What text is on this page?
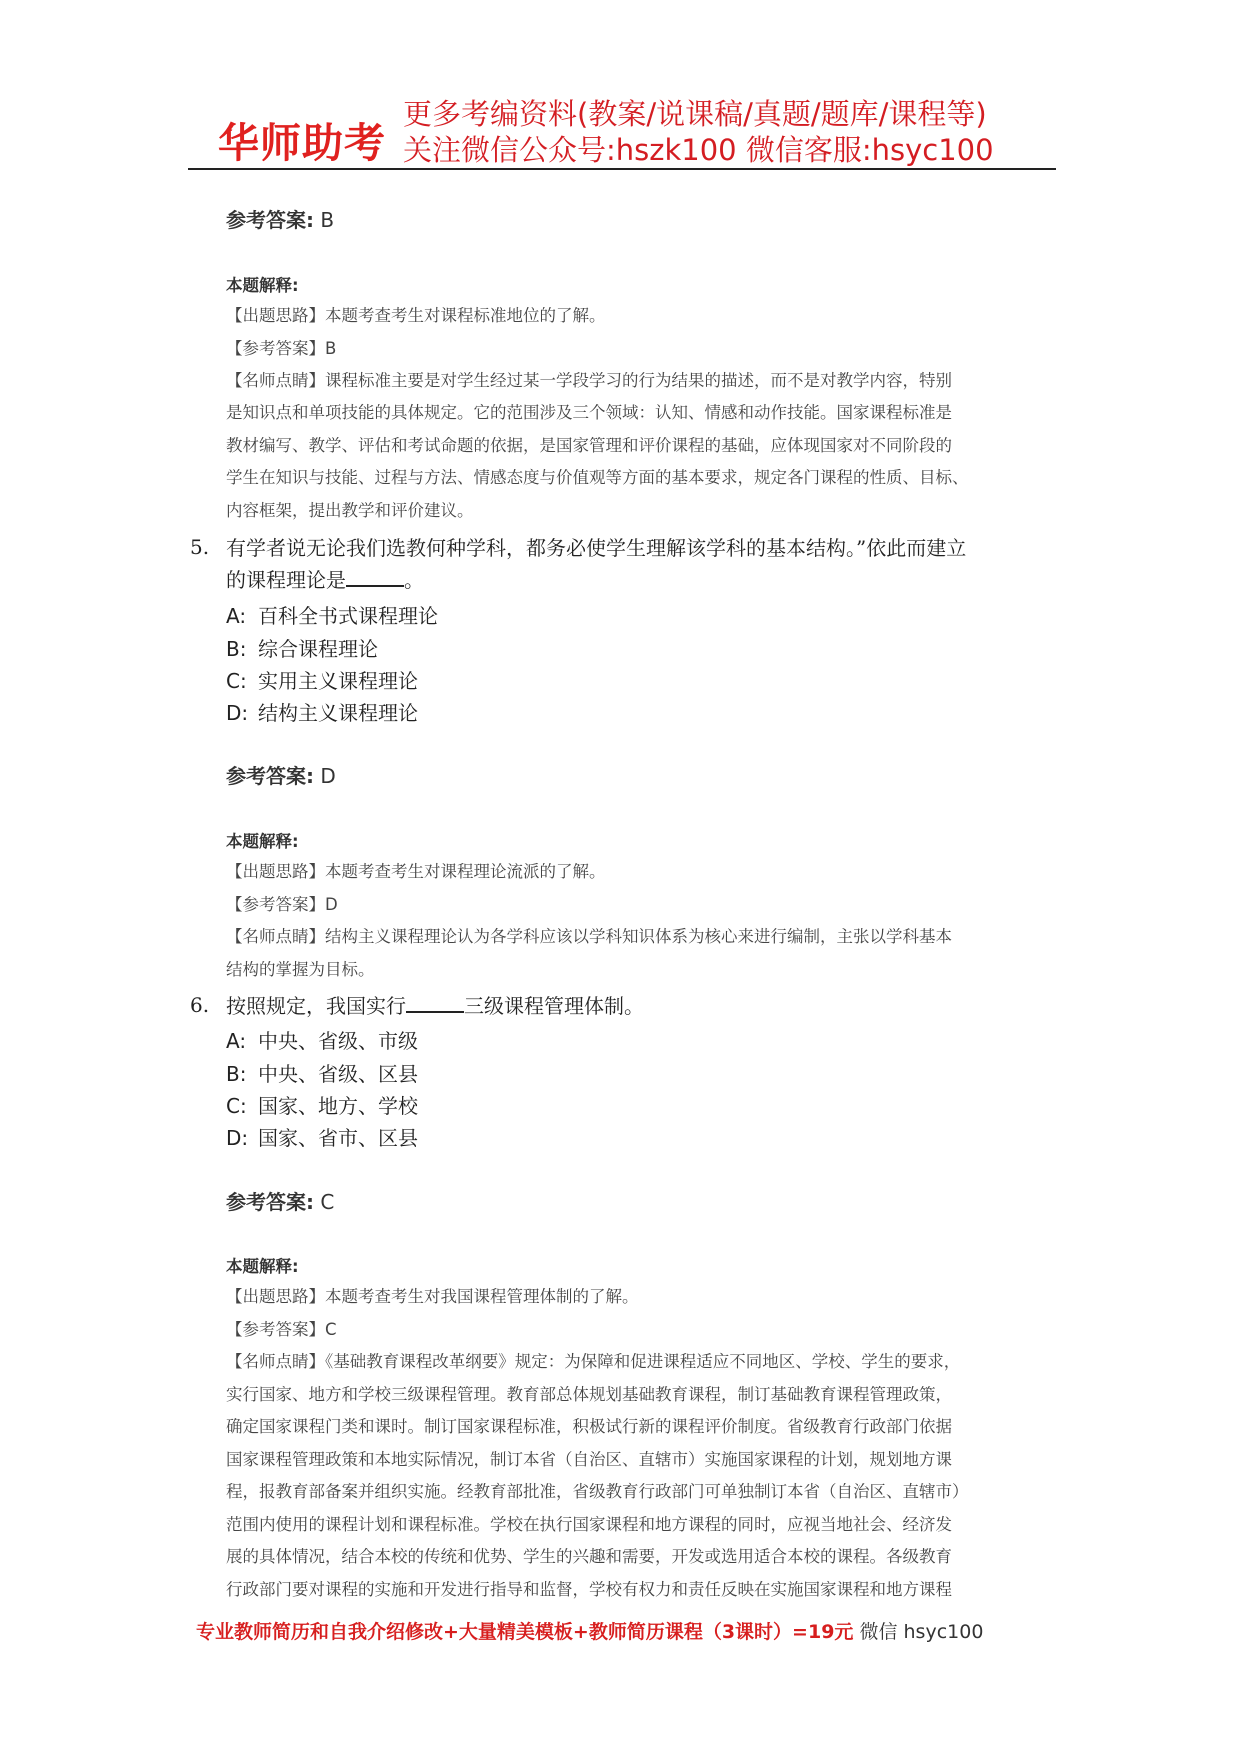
华师助考
更多考编资料(教案/说课稿/真题/题库/课程等)
关注微信公众号:hszk100 微信客服:hsyc100
参考答案: B
本题解释:
【出题思路】本题考查考生对课程标准地位的了解。
【参考答案】B
【名师点睛】课程标准主要是对学生经过某一学段学习的行为结果的描述，而不是对教学内容，特别
是知识点和单项技能的具体规定。它的范围涉及三个领域：认知、情感和动作技能。国家课程标准是
教材编写、教学、评估和考试命题的依据，是国家管理和评价课程的基础，应体现国家对不同阶段的
学生在知识与技能、过程与方法、情感态度与价值观等方面的基本要求，规定各门课程的性质、目标、
内容框架，提出教学和评价建议。
5. 有学者说无论我们选教何种学科，都务必使学生理解该学科的基本结构。”依此而建立
的课程理论是	。
A: 百科全书式课程理论
B: 综合课程理论
C: 实用主义课程理论
D: 结构主义课程理论
参考答案: D
本题解释:
【出题思路】本题考查考生对课程理论流派的了解。
【参考答案】D
【名师点睛】结构主义课程理论认为各学科应该以学科知识体系为核心来进行编制，主张以学科基本
结构的掌握为目标。
6. 按照规定，我国实行	三级课程管理体制。
A: 中央、省级、市级
B: 中央、省级、区县
C: 国家、地方、学校
D: 国家、省市、区县
参考答案: C
本题解释:
【出题思路】本题考查考生对我国课程管理体制的了解。
【参考答案】C
【名师点睛】《基础教育课程改革纲要》规定：为保障和促进课程适应不同地区、学校、学生的要求，
实行国家、地方和学校三级课程管理。教育部总体规划基础教育课程，制订基础教育课程管理政策，
确定国家课程门类和课时。制订国家课程标准，积极试行新的课程评价制度。省级教育行政部门依据
国家课程管理政策和本地实际情况，制订本省（自治区、直辖市）实施国家课程的计划，规划地方课
程，报教育部备案并组织实施。经教育部批准，省级教育行政部门可单独制订本省（自治区、直辖市）
范围内使用的课程计划和课程标准。学校在执行国家课程和地方课程的同时，应视当地社会、经济发
展的具体情况，结合本校的传统和优势、学生的兴趣和需要，开发或选用适合本校的课程。各级教育
行政部门要对课程的实施和开发进行指导和监督，学校有权力和责任反映在实施国家课程和地方课程
专业教师简历和自我介绍修改+大量精美模板+教师简历课程（3课时）=19元 微信 hsyc100
